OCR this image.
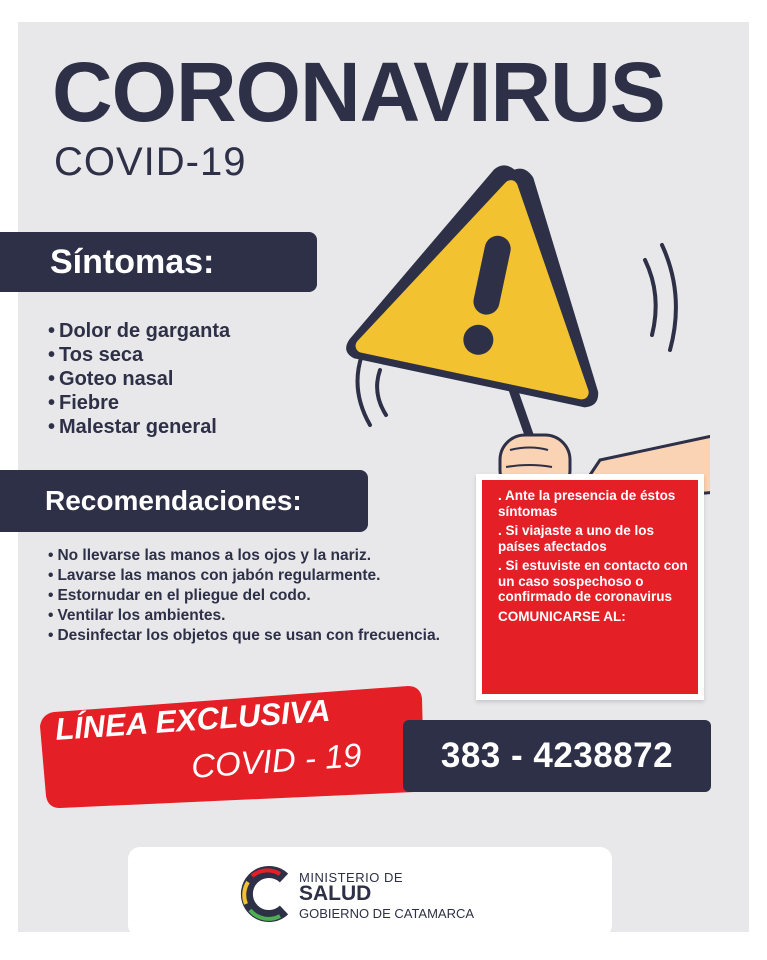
CORONAVIRUS
COVID-19
Síntomas:
• Dolor de garganta
• Tos seca
• Goteo nasal
• Fiebre
• Malestar general
Recomendaciones:
• No llevarse las manos a los ojos y la nariz.
• Lavarse las manos con jabón regularmente.
• Estornudar en el pliegue del codo.
• Ventilar los ambientes.
• Desinfectar los objetos que se usan con frecuencia.

. Ante la presencia de éstos síntomas

. Si viajaste a uno de los países afectados

. Si estuviste en contacto con un caso sospechoso o confirmado de coronavirus

COMUNICARSE AL:
LÍNEA EXCLUSIVA
COVID - 19	383 - 4238872
MINISTERIO DE
SALUD
GOBIERNO DE CATAMARCA
